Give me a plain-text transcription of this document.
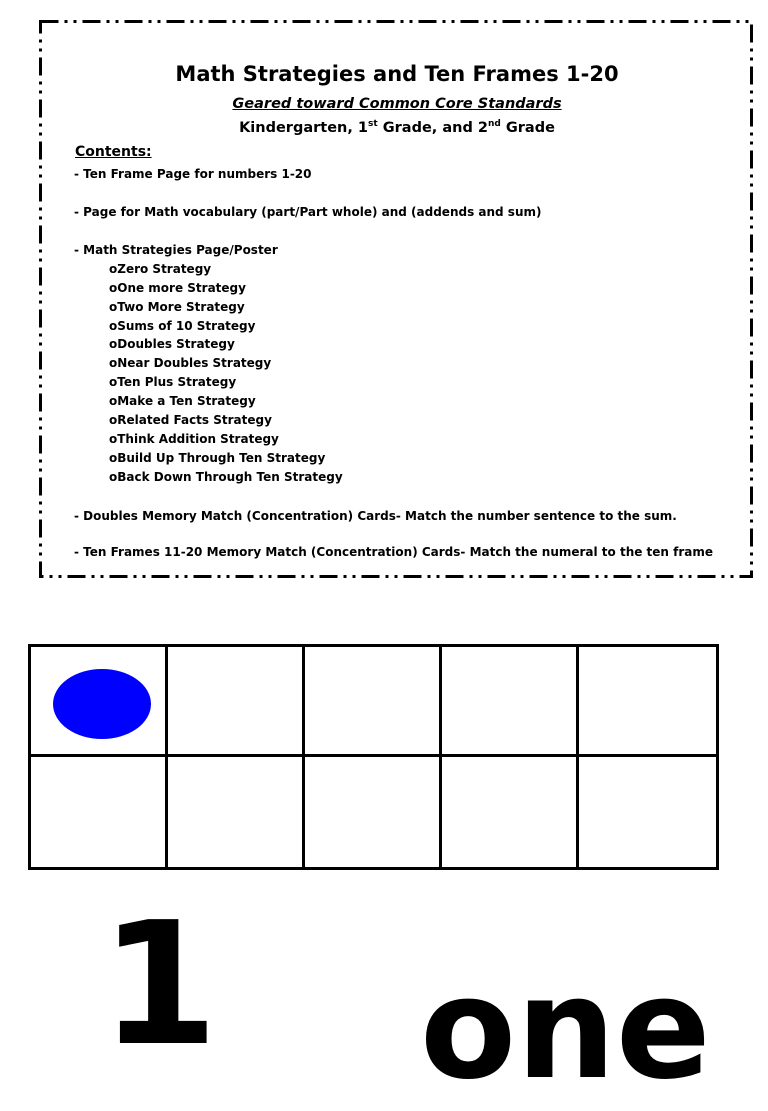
Math Strategies and Ten Frames 1-20
Geared toward Common Core Standards
Kindergarten, 1st Grade, and 2nd Grade
Contents:
- Ten Frame Page for numbers 1-20
- Page for Math vocabulary (part/Part whole) and (addends and sum)
- Math Strategies Page/Poster
oZero Strategy
oOne more Strategy
oTwo More Strategy
oSums of 10 Strategy
oDoubles Strategy
oNear Doubles Strategy
oTen Plus Strategy
oMake a Ten Strategy
oRelated Facts Strategy
oThink Addition Strategy
oBuild Up Through Ten Strategy
oBack Down Through Ten Strategy
- Doubles Memory Match (Concentration) Cards- Match the number sentence to the sum.
- Ten Frames 11-20 Memory Match (Concentration) Cards- Match the numeral to the ten frame
1 one
